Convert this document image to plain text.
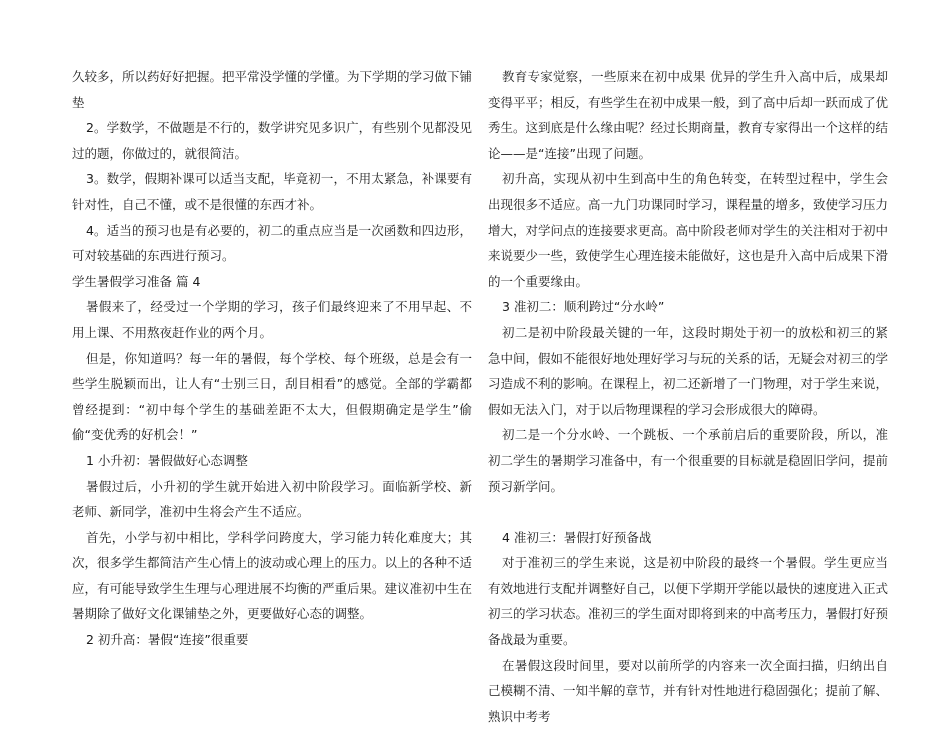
久较多，所以药好好把握。把平常没学懂的学懂。为下学期的学习做下铺垫

2。学数学，不做题是不行的，数学讲究见多识广，有些别个见都没见过的题，你做过的，就很简洁。

3。数学，假期补课可以适当支配，毕竟初一，不用太紧急，补课要有针对性，自己不懂，或不是很懂的东西才补。

4。适当的预习也是有必要的，初二的重点应当是一次函数和四边形，可对较基础的东西进行预习。

学生暑假学习准备 篇 4

暑假来了，经受过一个学期的学习，孩子们最终迎来了不用早起、不用上课、不用熬夜赶作业的两个月。

但是，你知道吗？每一年的暑假，每个学校、每个班级，总是会有一些学生脱颖而出，让人有“士别三日，刮目相看”的感觉。全部的学霸都曾经提到：“初中每个学生的基础差距不太大，但假期确定是学生”偷偷“变优秀的好机会！”

1 小升初：暑假做好心态调整

暑假过后，小升初的学生就开始进入初中阶段学习。面临新学校、新老师、新同学，准初中生将会产生不适应。

首先，小学与初中相比，学科学问跨度大，学习能力转化难度大；其次，很多学生都简洁产生心情上的波动或心理上的压力。以上的各种不适应，有可能导致学生生理与心理进展不均衡的严重后果。建议准初中生在暑期除了做好文化课铺垫之外，更要做好心态的调整。

2 初升高：暑假“连接”很重要

教育专家觉察，一些原来在初中成果 优异的学生升入高中后，成果却变得平平；相反，有些学生在初中成果一般，到了高中后却一跃而成了优秀生。这到底是什么缘由呢？经过长期商量，教育专家得出一个这样的结论——是“连接”出现了问题。

初升高，实现从初中生到高中生的角色转变，在转型过程中，学生会出现很多不适应。高一九门功课同时学习，课程量的增多，致使学习压力增大，对学问点的连接要求更高。高中阶段老师对学生的关注相对于初中来说要少一些，致使学生心理连接未能做好，这也是升入高中后成果下滑的一个重要缘由。

3 准初二：顺利跨过“分水岭”

初二是初中阶段最关键的一年，这段时期处于初一的放松和初三的紧急中间，假如不能很好地处理好学习与玩的关系的话，无疑会对初三的学习造成不利的影响。在课程上，初二还新增了一门物理，对于学生来说，假如无法入门，对于以后物理课程的学习会形成很大的障碍。

初二是一个分水岭、一个跳板、一个承前启后的重要阶段，所以，准初二学生的暑期学习准备中，有一个很重要的目标就是稳固旧学问，提前预习新学问。

4 准初三：暑假打好预备战

对于准初三的学生来说，这是初中阶段的最终一个暑假。学生更应当有效地进行支配并调整好自己，以便下学期开学能以最快的速度进入正式初三的学习状态。准初三的学生面对即将到来的中高考压力，暑假打好预备战最为重要。

在暑假这段时间里，要对以前所学的内容来一次全面扫描，归纳出自己模糊不清、一知半解的章节，并有针对性地进行稳固强化；提前了解、熟识中考考
